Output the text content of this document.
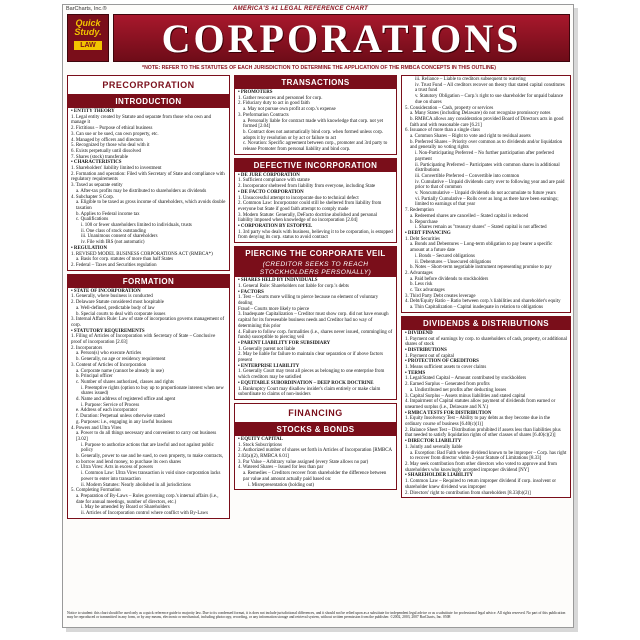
BarCharts, Inc.®	AMERICA'S #1 LEGAL REFERENCE CHART
Quick
Study.
LAW	CORPORATIONS
*NOTE: REFER TO THE STATUTES OF EACH JURISDICTION TO DETERMINE THE APPLICATION OF THE RMBCA CONCEPTS IN THIS OUTLINE)
PRECORPORATION
INTRODUCTION

• ENTITY THEORY

1. Legal entity created by Statute and separate from those who own and manage it

2. Fictitious – Purpose of ethical business

3. Can sue or be sued, can own property, etc.

4. Managed by officers and directors

5. Recognized by those who deal with it

6. Exists perpetually until dissolved

7. Shares (stock) transferable

• CHARACTERISTICS

1. Shareholders' liability limited to investment

2. Formation and operation: Filed with Secretary of State and compliance with regulatory requirements

3. Taxed as separate entity

a. After-tax profits may be distributed to shareholders as dividends

4. Subchapter S Corp.

a. Eligible to be taxed as gross income of shareholders, which avoids double taxation

b. Applies to Federal income tax

c. Qualifications

i. 100 or fewer shareholders limited to individuals, trusts

ii. One class of stock outstanding

iii. Unanimous consent of shareholders

iv. File with IRS (not automatic)

• REGULATION

1. REVISED MODEL BUSINESS CORPORATIONS ACT (RMBCA*)

a. Basis for corp. statutes of more than half States

2. Federal – Taxes and Securities regulation

FORMATION

• STATE OF INCORPORATION

1. Generally, where business is conducted

2. Delaware Statute considered most hospitable

a. Well-defined, predictable body of law

b. Special courts to deal with corporate issues

3. Internal Affairs Rule: Law of state of incorporation governs management of corp.

• STATUTORY REQUIREMENTS

1. Filing of Articles of Incorporation with Secretary of State – Conclusive proof of incorporation [2.03]

2. Incorporators

a. Person(s) who execute Articles

b. Generally, no age or residency requirement

3. Content of Articles of Incorporation

a. Corporate name (cannot be already in use)

b. Principal officer

c. Number of shares authorized, classes and rights

i. Preemptive rights (option to buy up to proportionate interest when new shares issued)

d. Name and address of registered office and agent

i. Purpose: Service of Process

e. Address of each incorporator

f. Duration: Perpetual unless otherwise stated

g. Purposes: i.e., engaging in any lawful business

4. Powers and Ultra Vires

a. Power to do all things necessary and convenient to carry out business [3.02]

i. Purpose to authorize actions that are lawful and not against public policy

b. Generally, power to sue and be sued, to own property, to make contracts, to borrow and lend money, to purchase its own shares

c. Ultra Vires: Acts in excess of powers

i. Common Law: Ultra Vires transaction is void since corporation lacks power to enter into transaction

ii. Modern Statutes: Nearly abolished in all jurisdictions

5. Completing Formation

a. Preparation of By-Laws – Rules governing corp.'s internal affairs (i.e., date for annual meetings, number of directors, etc.)

i. May be amended by Board or Shareholders

ii. Articles of Incorporation control where conflict with By-Laws

TRANSACTIONS

• PROMOTERS

1. Gather resources and personnel for corp.

2. Fiduciary duty to act in good faith

a. May not pursue own profit at corp.'s expense

3. Preformation Contracts

a. Personally liable for contract made with knowledge that corp. not yet formed [2.04]

b. Contract does not automatically bind corp. when formed unless corp. adopts it by resolution or by act or failure to act

c. Novation: Specific agreement between corp., promoter and 3rd party to release Promoter from personal liability and bind corp.

DEFECTIVE INCORPORATION

• DE JURE CORPORATION

1. Sufficient compliance with statute

2. Incorporator sheltered from liability from everyone, including State

• DE FACTO CORPORATION

1. Unsuccessful attempt to incorporate due to technical defect

2. Common Law: Incorporator could still be sheltered from liability from everyone but State if good faith attempt to comply made

3. Modern Statute: Generally, DeFacto doctrine abolished and personal liability imposed when knowledge of no incorporation [2.04]

• CORPORATION BY ESTOPPEL

1. 3rd party who deals with business, believing it to be corporation, is estopped from denying its corp. status to avoid contract

PIERCING THE CORPORATE VEIL
(CREDITOR SEEKS TO REACH STOCKHOLDERS PERSONALLY)

• SHARES HELD BY INDIVIDUALS

1. General Rule: Shareholders not liable for corp.'s debts

• FACTORS

1. Test – Courts more willing to pierce because no element of voluntary dealing

Fraud – Courts more likely to pierce

3. Inadequate Capitalization – Creditor must show corp. did not have enough capital for its foreseeable business needs and Creditor had no way of determining this prior

4. Failure to follow corp. formalities (i.e., shares never issued, commingling of funds) susceptible to piercing veil

• PARENT LIABILITY FOR SUBSIDIARY

1. Generally parent not liable

2. May be liable for failure to maintain clear separation or if above factors present

• ENTERPRISE LIABILITY

1. Generally Court may treat all pieces as belonging to one enterprise from which creditors may be satisfied

• EQUITABLE SUBORDINATION – DEEP ROCK DOCTRINE

1. Bankruptcy Court may disallow insider's claim entirely or make claim subordinate to claims of non-insiders

FINANCING
STOCKS & BONDS

• EQUITY CAPITAL

1. Stock Subscriptions

2. Authorized number of shares set forth in Articles of Incorporation [RMBCA 2.02(a)(2), RMBCA 6.01]

3. Par Value – Arbitrary value assigned (every State allows no par)

4. Watered Shares – Issued for less than par

a. Remedies – Creditors recover from shareholder the difference between par value and amount actually paid based on:

i. Misrepresentation (holding out)

iii. Reliance – Liable to creditors subsequent to watering

iv. Trust Fund – All creditors recover on theory that stated capital constitutes a trust fund

v. Statutory Obligation – Corp.'s right to sue shareholder for unpaid balance due on shares

5. Consideration – Cash, property or services

a. Many States (including Delaware) do not recognize promissory notes

b. RMBCA allows any consideration provided Board of Directors acts in good faith and with reasonable care [6.21]

6. Issuance of more than a single class

a. Common Shares – Right to vote and right to residual assets

b. Preferred Shares – Priority over common as to dividends and/or liquidation and generally no voting rights

i. Non-Participating Preferred – No further participation after preferred payment

ii. Participating Preferred – Participates with common shares in additional distributions

iii. Convertible Preferred – Convertible into common

iv. Cumulative – Unpaid dividends carry over to following year and are paid prior to that of common

v. Noncumulative – Unpaid dividends do not accumulate to future years

vi. Partially Cumulative – Rolls over as long as there have been earnings; limited to earnings of that year

7. Redemption

a. Redeemed shares are cancelled – Stated capital is reduced

b. Repurchase

i. Shares remain as "treasury shares" – Stated capital is not affected

• DEBT FINANCING

1. Debt Securities

a. Bonds and Debentures – Long-term obligation to pay bearer a specific amount at a future date

i. Bonds – Secured obligations

ii. Debentures – Unsecured obligations

b. Notes – Short-term negotiable instrument representing promise to pay

2. Advantages

a. Paid before dividends to stockholders

b. Less risk

c. Tax advantages

3. Third Party Debt creates leverage

4. Debt/Equity Ratio – Ratio between corp.'s liabilities and shareholder's equity

a. Thin Capitalization – Capital inadequate in relation to obligations

DIVIDENDS & DISTRIBUTIONS

• DIVIDEND

1. Payment out of earnings by corp. to shareholders of cash, property, or additional shares of stock

• DISTRIBUTIONS

1. Payment out of capital

• PROTECTION OF CREDITORS

1. Means sufficient assets to cover claims

• TERMS

1. Legal/Stated Capital – Amount contributed by stockholders

2. Earned Surplus – Generated from profits

a. Undistributed net profits after deducting losses

3. Capital Surplus – Assets minus liabilities and stated capital

4. Impairment of Capital statutes allow payment of dividends from earned or unearned surplus (i.e., Delaware and N.Y.)

• RMBCA TESTS FOR DISTRIBUTION

1. Equity Insolvency Test – Ability to pay debts as they become due in the ordinary course of business [6.40(c)(1)]

2. Balance Sheet Test – Distribution prohibited if assets less than liabilities plus that needed to satisfy liquidation rights of other classes of shares [6.40(c)(2)]

• DIRECTOR LIABILITY

1. Jointly and severally liable

a. Exception: Bad Faith where dividend known to be improper – Corp. has right to recover from director within 2-year Statute of Limitations [8.33]

2. May seek contribution from other directors who voted to approve and from shareholders who knowingly accepted improper dividend [NY]

• SHAREHOLDER LIABILITY

1. Common Law – Required to return improper dividend if corp. insolvent or shareholder knew dividend was improper

2. Directors' right to contribution from shareholders [8.33(b)(2)]

Notice to student: this chart should be used only as a quick reference guide to majority law. Due to its condensed format, it is does not include jurisdictional differences, and it should not be relied upon as a substitute for independent legal advice or as a substitute for professional legal advice. All rights reserved. No part of this publication may be reproduced or transmitted in any form, or by any means, electronic or mechanical, including photocopy, recording, or any information storage and retrieval system, without written permission from the publisher. ©2002, 2003, 2007 BarCharts, Inc. 0508
